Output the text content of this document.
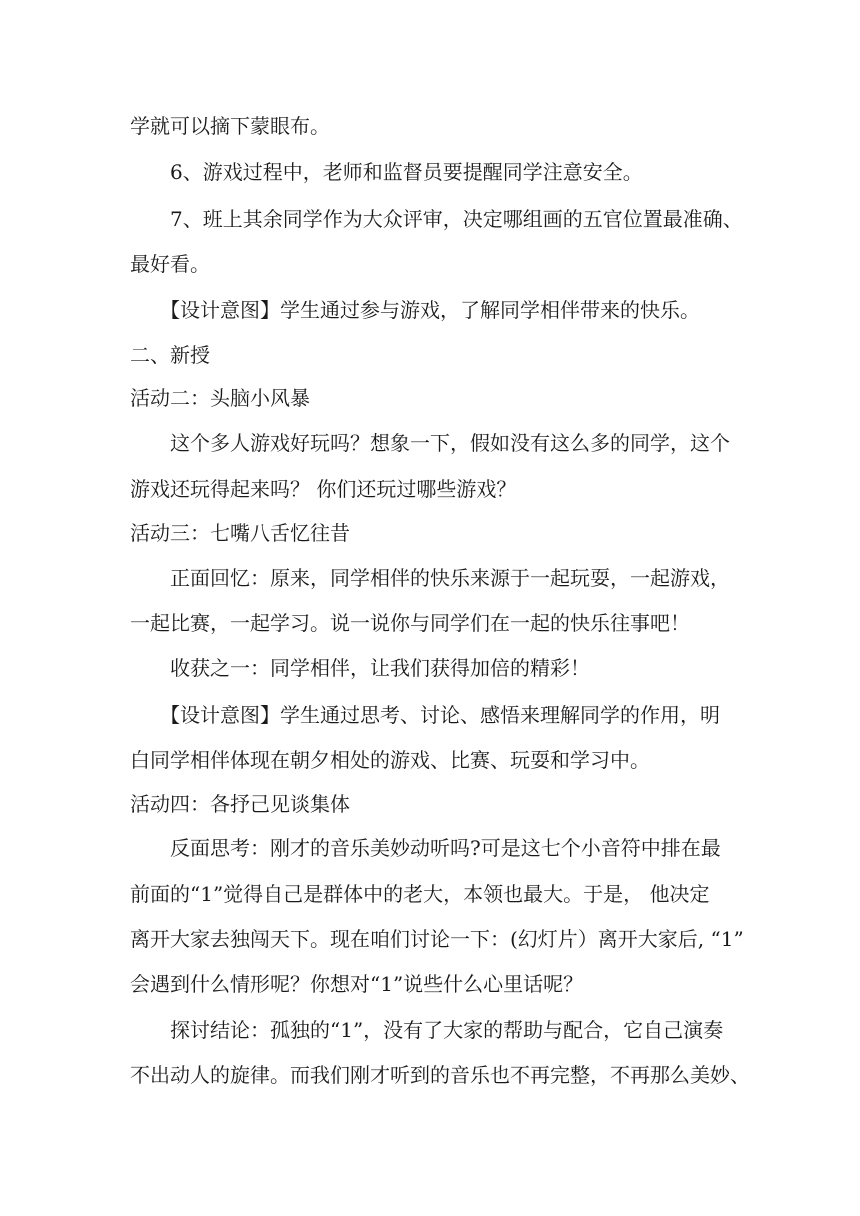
学就可以摘下蒙眼布。
6、游戏过程中，老师和监督员要提醒同学注意安全。
7、班上其余同学作为大众评审，决定哪组画的五官位置最准确、
最好看。
【设计意图】学生通过参与游戏，了解同学相伴带来的快乐。
二、新授
活动二：头脑小风暴
这个多人游戏好玩吗？想象一下，假如没有这么多的同学，这个
游戏还玩得起来吗？ 你们还玩过哪些游戏？
活动三：七嘴八舌忆往昔
正面回忆：原来，同学相伴的快乐来源于一起玩耍，一起游戏，
一起比赛，一起学习。说一说你与同学们在一起的快乐往事吧！
收获之一：同学相伴，让我们获得加倍的精彩！
【设计意图】学生通过思考、讨论、感悟来理解同学的作用，明
白同学相伴体现在朝夕相处的游戏、比赛、玩耍和学习中。
活动四：各抒己见谈集体
反面思考：刚才的音乐美妙动听吗?可是这七个小音符中排在最
前面的“1”觉得自己是群体中的老大，本领也最大。于是， 他决定
离开大家去独闯天下。现在咱们讨论一下：(幻灯片）离开大家后, “1”
会遇到什么情形呢？你想对“1”说些什么心里话呢？
探讨结论：孤独的“1”，没有了大家的帮助与配合，它自己演奏
不出动人的旋律。而我们刚才听到的音乐也不再完整，不再那么美妙、
